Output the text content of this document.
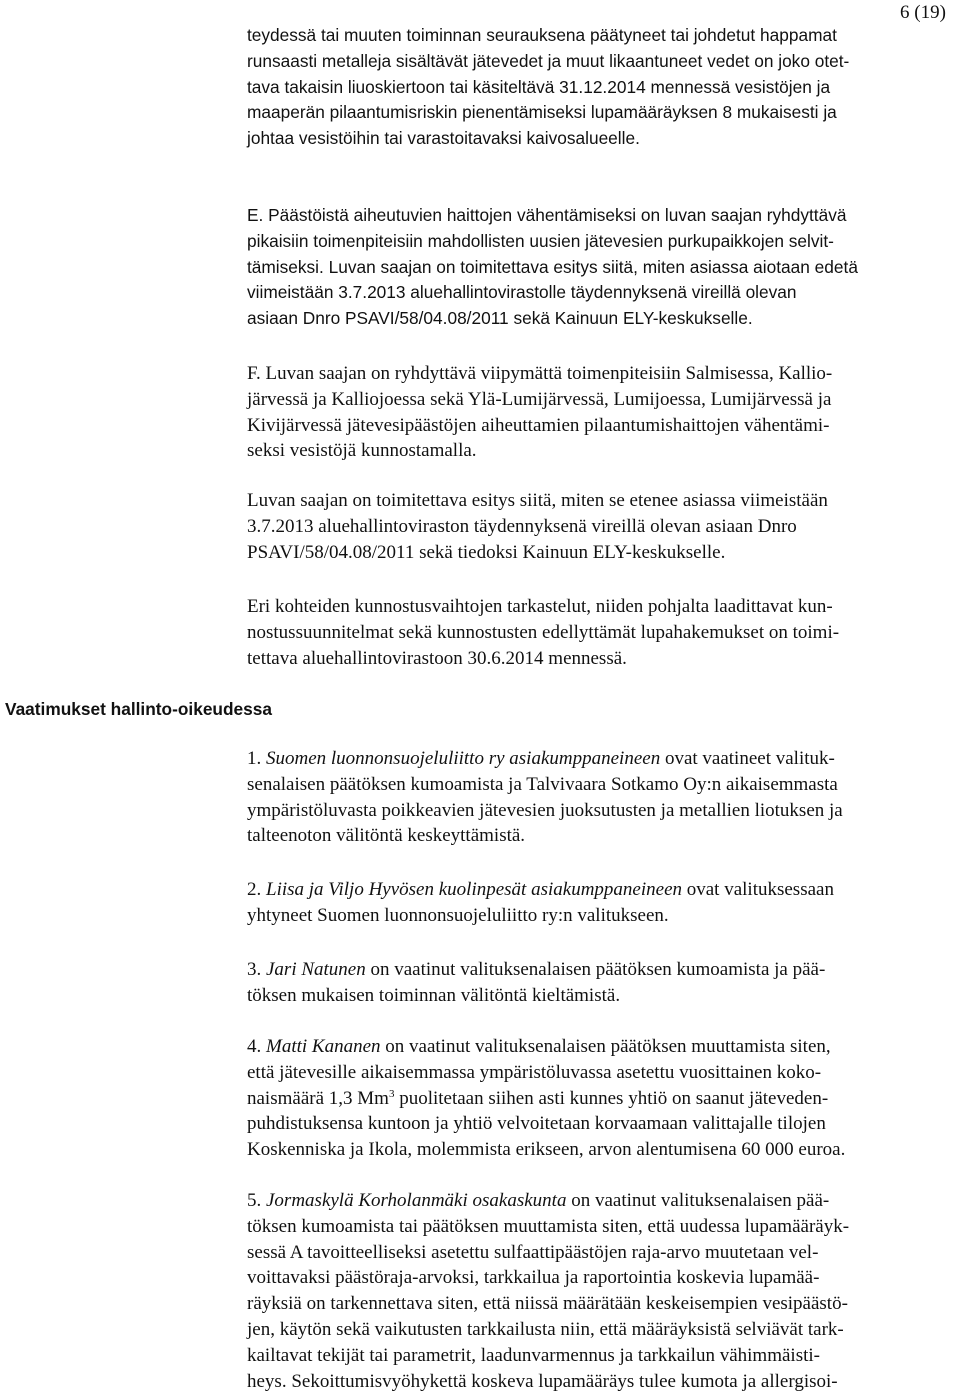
6 (19)
teydessä tai muuten toiminnan seurauksena päätyneet tai johdetut happamat
runsaasti metalleja sisältävät jätevedet ja muut likaantuneet vedet on joko otet-
tava takaisin liuoskiertoon tai käsiteltävä 31.12.2014 mennessä vesistöjen ja
maaperän pilaantumisriskin pienentämiseksi lupamääräyksen 8 mukaisesti ja
johtaa vesistöihin tai varastoitavaksi kaivosalueelle.
E. Päästöistä aiheutuvien haittojen vähentämiseksi on luvan saajan ryhdyttävä
pikaisiin toimenpiteisiin mahdollisten uusien jätevesien purkupaikkojen selvit-
tämiseksi. Luvan saajan on toimitettava esitys siitä, miten asiassa aiotaan edetä
viimeistään 3.7.2013 aluehallintovirastolle täydennyksenä vireillä olevan
asiaan Dnro PSAVI/58/04.08/2011 sekä Kainuun ELY-keskukselle.
F. Luvan saajan on ryhdyttävä viipymättä toimenpiteisiin Salmisessa, Kallio-
järvessä ja Kalliojoessa sekä Ylä-Lumijärvessä, Lumijoessa, Lumijärvessä ja
Kivijärvessä jätevesipäästöjen aiheuttamien pilaantumishaittojen vähentämi-
seksi vesistöjä kunnostamalla.
Luvan saajan on toimitettava esitys siitä, miten se etenee asiassa viimeistään
3.7.2013 aluehallintoviraston täydennyksenä vireillä olevan asiaan Dnro
PSAVI/58/04.08/2011 sekä tiedoksi Kainuun ELY-keskukselle.
Eri kohteiden kunnostusvaihtojen tarkastelut, niiden pohjalta laadittavat kun-
nostussuunnitelmat sekä kunnostusten edellyttämät lupahakemukset on toimi-
tettava aluehallintovirastoon 30.6.2014 mennessä.
Vaatimukset hallinto-oikeudessa
1. Suomen luonnonsuojeluliitto ry asiakumppaneineen ovat vaatineet valituk-
senalaisen päätöksen kumoamista ja Talvivaara Sotkamo Oy:n aikaisemmasta
ympäristöluvasta poikkeavien jätevesien juoksutusten ja metallien liotuksen ja
talteenoton välitöntä keskeyttämistä.
2. Liisa ja Viljo Hyvösen kuolinpesät asiakumppaneineen ovat valituksessaan
yhtyneet Suomen luonnonsuojeluliitto ry:n valitukseen.
3. Jari Natunen on vaatinut valituksenalaisen päätöksen kumoamista ja pää-
töksen mukaisen toiminnan välitöntä kieltämistä.
4. Matti Kananen on vaatinut valituksenalaisen päätöksen muuttamista siten,
että jätevesille aikaisemmassa ympäristöluvassa asetettu vuosittainen koko-
naismäärä 1,3 Mm$^3$ puolitetaan siihen asti kunnes yhtiö on saanut jäteveden-
puhdistuksensa kuntoon ja yhtiö velvoitetaan korvaamaan valittajalle tilojen
Koskenniska ja Ikola, molemmista erikseen, arvon alentumisena 60 000 euroa.
5. Jormaskylä Korholanmäki osakaskunta on vaatinut valituksenalaisen pää-
töksen kumoamista tai päätöksen muuttamista siten, että uudessa lupamääräyk-
sessä A tavoitteelliseksi asetettu sulfaattipäästöjen raja-arvo muutetaan vel-
voittavaksi päästöraja-arvoksi, tarkkailua ja raportointia koskevia lupamää-
räyksiä on tarkennettava siten, että niissä määrätään keskeisempien vesipäästö-
jen, käytön sekä vaikutusten tarkkailusta niin, että määräyksistä selviävät tark-
kailtavat tekijät tai parametrit, laadunvarmennus ja tarkkailun vähimmäisti-
heys. Sekoittumisvyöhykettä koskeva lupamääräys tulee kumota ja allergisoi-
